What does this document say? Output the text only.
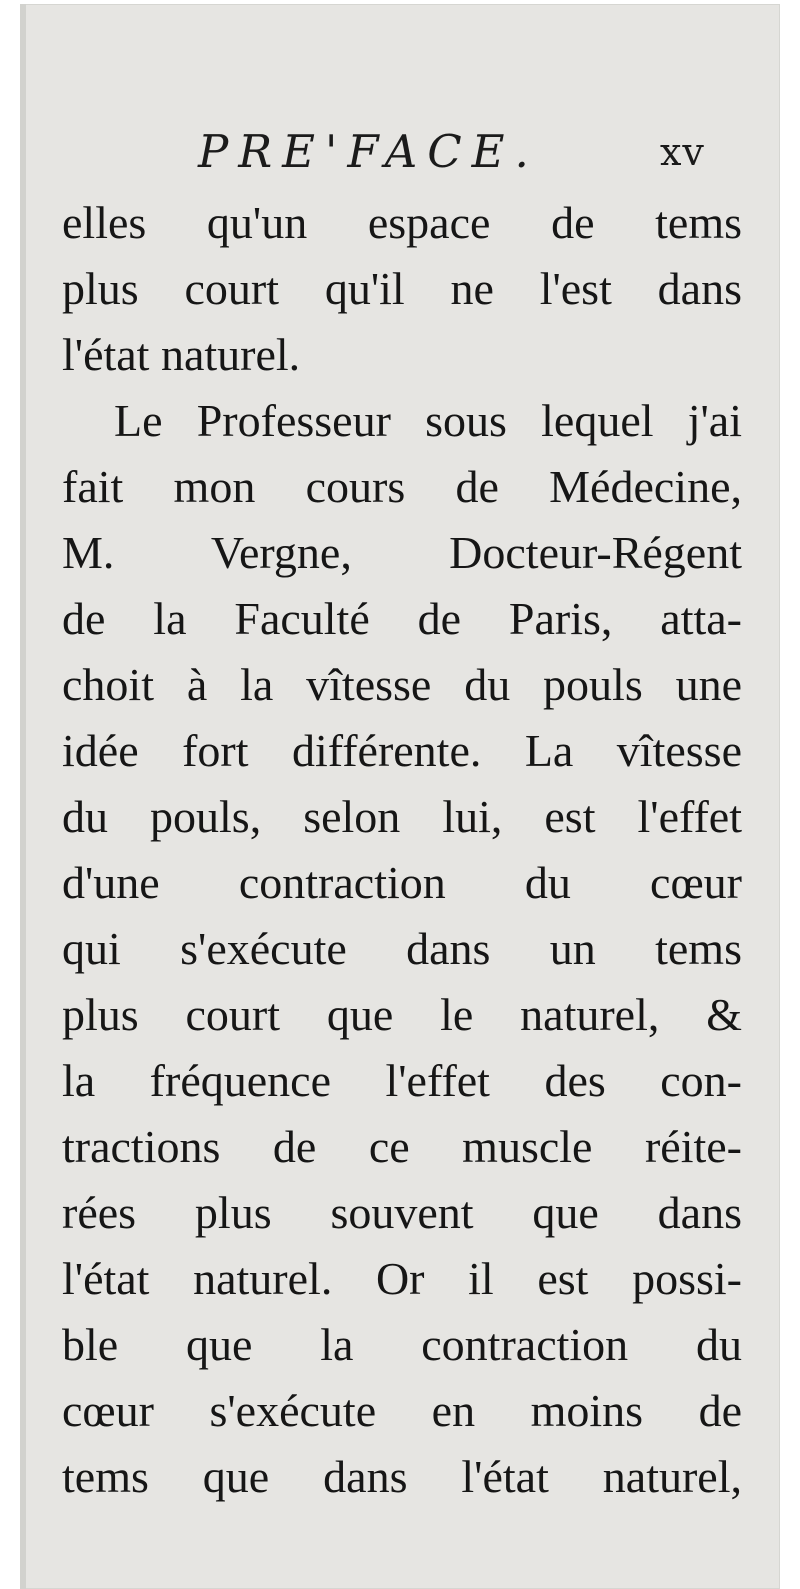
PRE'FACE.	xv
elles qu'un espace de tems
plus court qu'il ne l'est dans
l'état naturel.
Le Professeur sous lequel j'ai
fait mon cours de Médecine,
M. Vergne, Docteur-Régent
de la Faculté de Paris, atta-
choit à la vîtesse du pouls une
idée fort différente. La vîtesse
du pouls, selon lui, est l'effet
d'une contraction du cœur
qui s'exécute dans un tems
plus court que le naturel, &
la fréquence l'effet des con-
tractions de ce muscle réite-
rées plus souvent que dans
l'état naturel. Or il est possi-
ble que la contraction du
cœur s'exécute en moins de
tems que dans l'état naturel,
